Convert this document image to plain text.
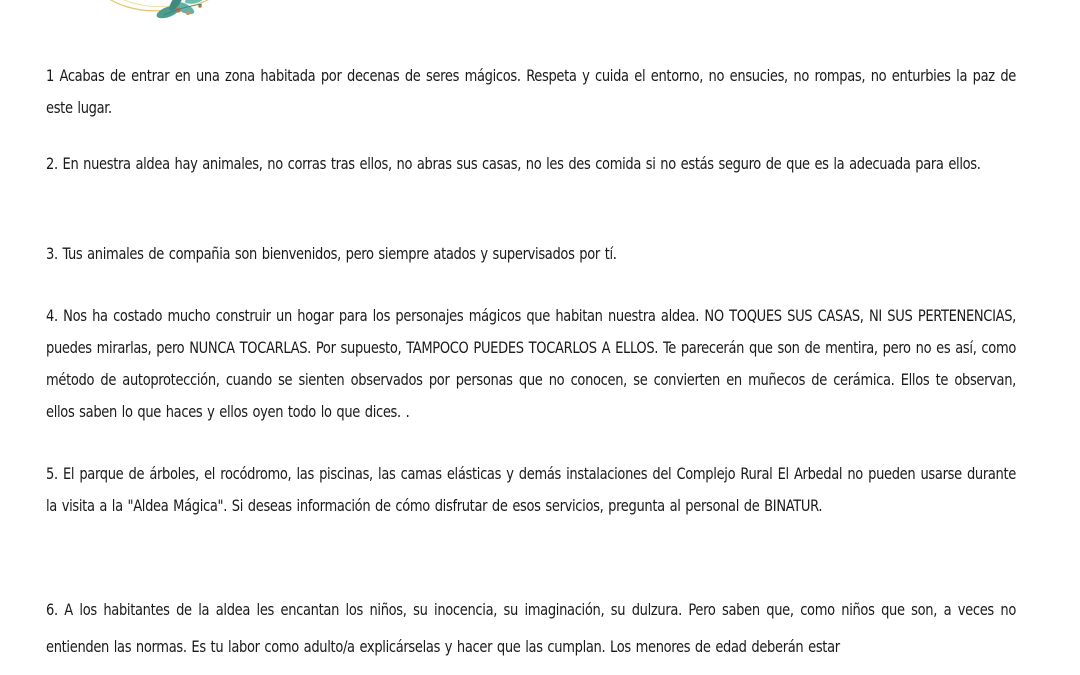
1 Acabas de entrar en una zona habitada por decenas de seres mágicos. Respeta y cuida el entorno, no ensucies, no rompas, no enturbies la paz de este lugar.

2. En nuestra aldea hay animales, no corras tras ellos, no abras sus casas, no les des comida si no estás seguro de que es la adecuada para ellos.

3. Tus animales de compañia son bienvenidos, pero siempre atados y supervisados por tí.

4. Nos ha costado mucho construir un hogar para los personajes mágicos que habitan nuestra aldea. NO TOQUES SUS CASAS, NI SUS PERTENENCIAS, puedes mirarlas, pero NUNCA TOCARLAS. Por supuesto, TAMPOCO PUEDES TOCARLOS A ELLOS. Te parecerán que son de mentira, pero no es así, como método de autoprotección, cuando se sienten observados por personas que no conocen, se convierten en muñecos de cerámica. Ellos te observan, ellos saben lo que haces y ellos oyen todo lo que dices. .

5. El parque de árboles, el rocódromo, las piscinas, las camas elásticas y demás instalaciones del Complejo Rural El Arbedal no pueden usarse durante la visita a la "Aldea Mágica". Si deseas información de cómo disfrutar de esos servicios, pregunta al personal de BINATUR.

6. A los habitantes de la aldea les encantan los niños, su inocencia, su imaginación, su dulzura. Pero saben que, como niños que son, a veces no entienden las normas. Es tu labor como adulto/a explicárselas y hacer que las cumplan. Los menores de edad deberán estar
